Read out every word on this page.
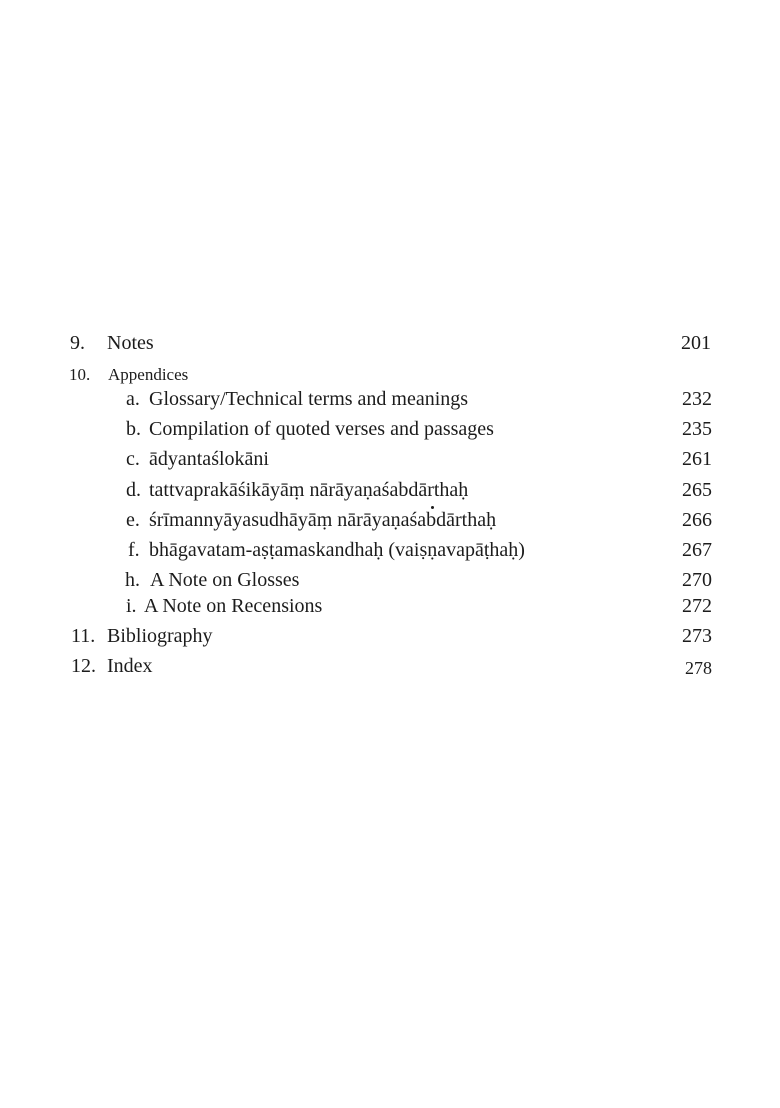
9. Notes	201
10. Appendices
a. Glossary/Technical terms and meanings	232
b. Compilation of quoted verses and passages	235
c. ādyantaślokāni	261
d. tattvaprakāśikāyāṃ nārāyaṇaśabdārthaḥ	265
e. śrīmannyāyasudhāyāṃ nārāyaṇaśabdārthaḥ	266
f. bhāgavatam-aṣṭamaskandhaḥ (vaiṣṇavapāṭhaḥ)	267
h. A Note on Glosses	270
i. A Note on Recensions	272
11. Bibliography	273
12. Index	278
